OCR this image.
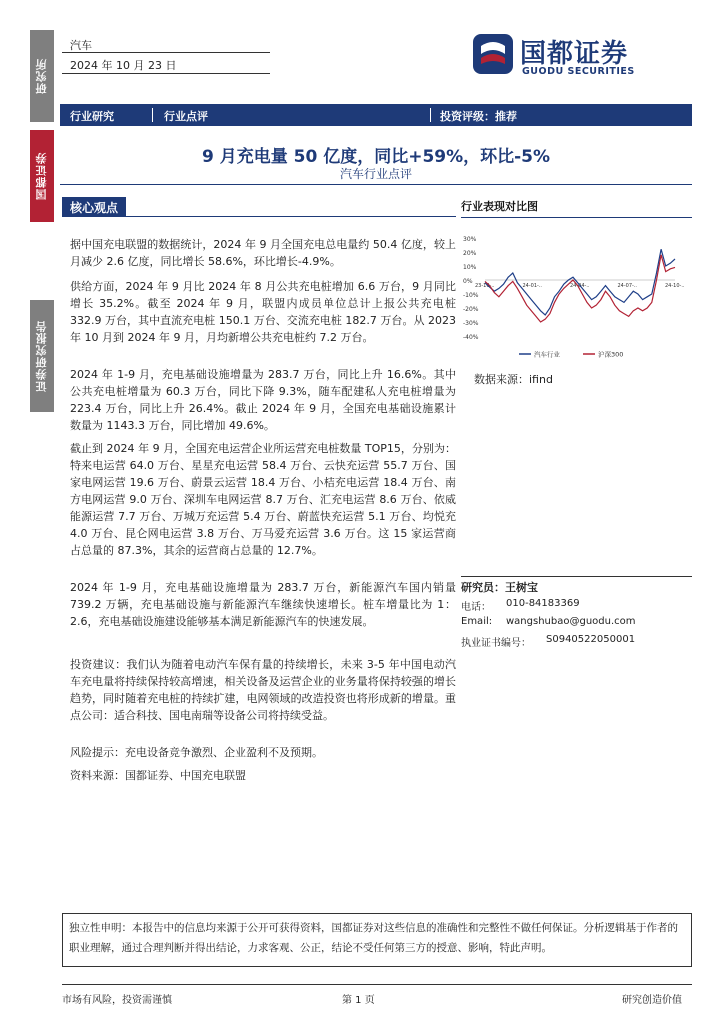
研究所
国都证券
证券研究报告
汽车
2024 年 10 月 23 日	国都证券
GUODU SECURITIES
行业研究	行业点评	投资评级：推荐
9 月充电量 50 亿度，同比+59%，环比-5%
汽车行业点评
核心观点
据中国充电联盟的数据统计，2024 年 9 月全国充电总电量约 50.4 亿度，较上月减少 2.6 亿度，同比增长 58.6%，环比增长-4.9%。
供给方面，2024 年 9 月比 2024 年 8 月公共充电桩增加 6.6 万台，9 月同比增长 35.2%。截至 2024 年 9 月，联盟内成员单位总计上报公共充电桩 332.9 万台，其中直流充电桩 150.1 万台、交流充电桩 182.7 万台。从 2023 年 10 月到 2024 年 9 月，月均新增公共充电桩约 7.2 万台。
2024 年 1-9 月，充电基础设施增量为 283.7 万台，同比上升 16.6%。其中公共充电桩增量为 60.3 万台，同比下降 9.3%，随车配建私人充电桩增量为 223.4 万台，同比上升 26.4%。截止 2024 年 9 月，全国充电基础设施累计数量为 1143.3 万台，同比增加 49.6%。
截止到 2024 年 9 月，全国充电运营企业所运营充电桩数量 TOP15，分别为：特来电运营 64.0 万台、星星充电运营 58.4 万台、云快充运营 55.7 万台、国家电网运营 19.6 万台、蔚景云运营 18.4 万台、小桔充电运营 18.4 万台、南方电网运营 9.0 万台、深圳车电网运营 8.7 万台、汇充电运营 8.6 万台、依威能源运营 7.7 万台、万城万充运营 5.4 万台、蔚蓝快充运营 5.1 万台、均悦充 4.0 万台、昆仑网电运营 3.8 万台、万马爱充运营 3.6 万台。这 15 家运营商占总量的 87.3%，其余的运营商占总量的 12.7%。
2024 年 1-9 月，充电基础设施增量为 283.7 万台，新能源汽车国内销量 739.2 万辆，充电基础设施与新能源汽车继续快速增长。桩车增量比为 1：2.6，充电基础设施建设能够基本满足新能源汽车的快速发展。
投资建议：我们认为随着电动汽车保有量的持续增长，未来 3-5 年中国电动汽车充电量将持续保持较高增速，相关设备及运营企业的业务量将保持较强的增长趋势，同时随着充电桩的持续扩建，电网领域的改造投资也将形成新的增量。重点公司：适合科技、国电南瑞等设备公司将持续受益。
风险提示：充电设备竞争激烈、企业盈利不及预期。
资料来源：国都证券、中国充电联盟
行业表现对比图
30%
20%
10%
0%
-10%
-20%
-30%
-40%
23-10-..	24-01-..	24-04-..	24-07-..	24-10-..
汽车行业	沪深300
数据来源：ifind
研究员：王树宝
电话： 010-84183369
Email: wangshubao@guodu.com
执业证书编号： S0940522050001
独立性申明：本报告中的信息均来源于公开可获得资料，国都证券对这些信息的准确性和完整性不做任何保证。分析逻辑基于作者的职业理解，通过合理判断并得出结论，力求客观、公正，结论不受任何第三方的授意、影响，特此声明。
市场有风险，投资需谨慎	第 1 页	研究创造价值
